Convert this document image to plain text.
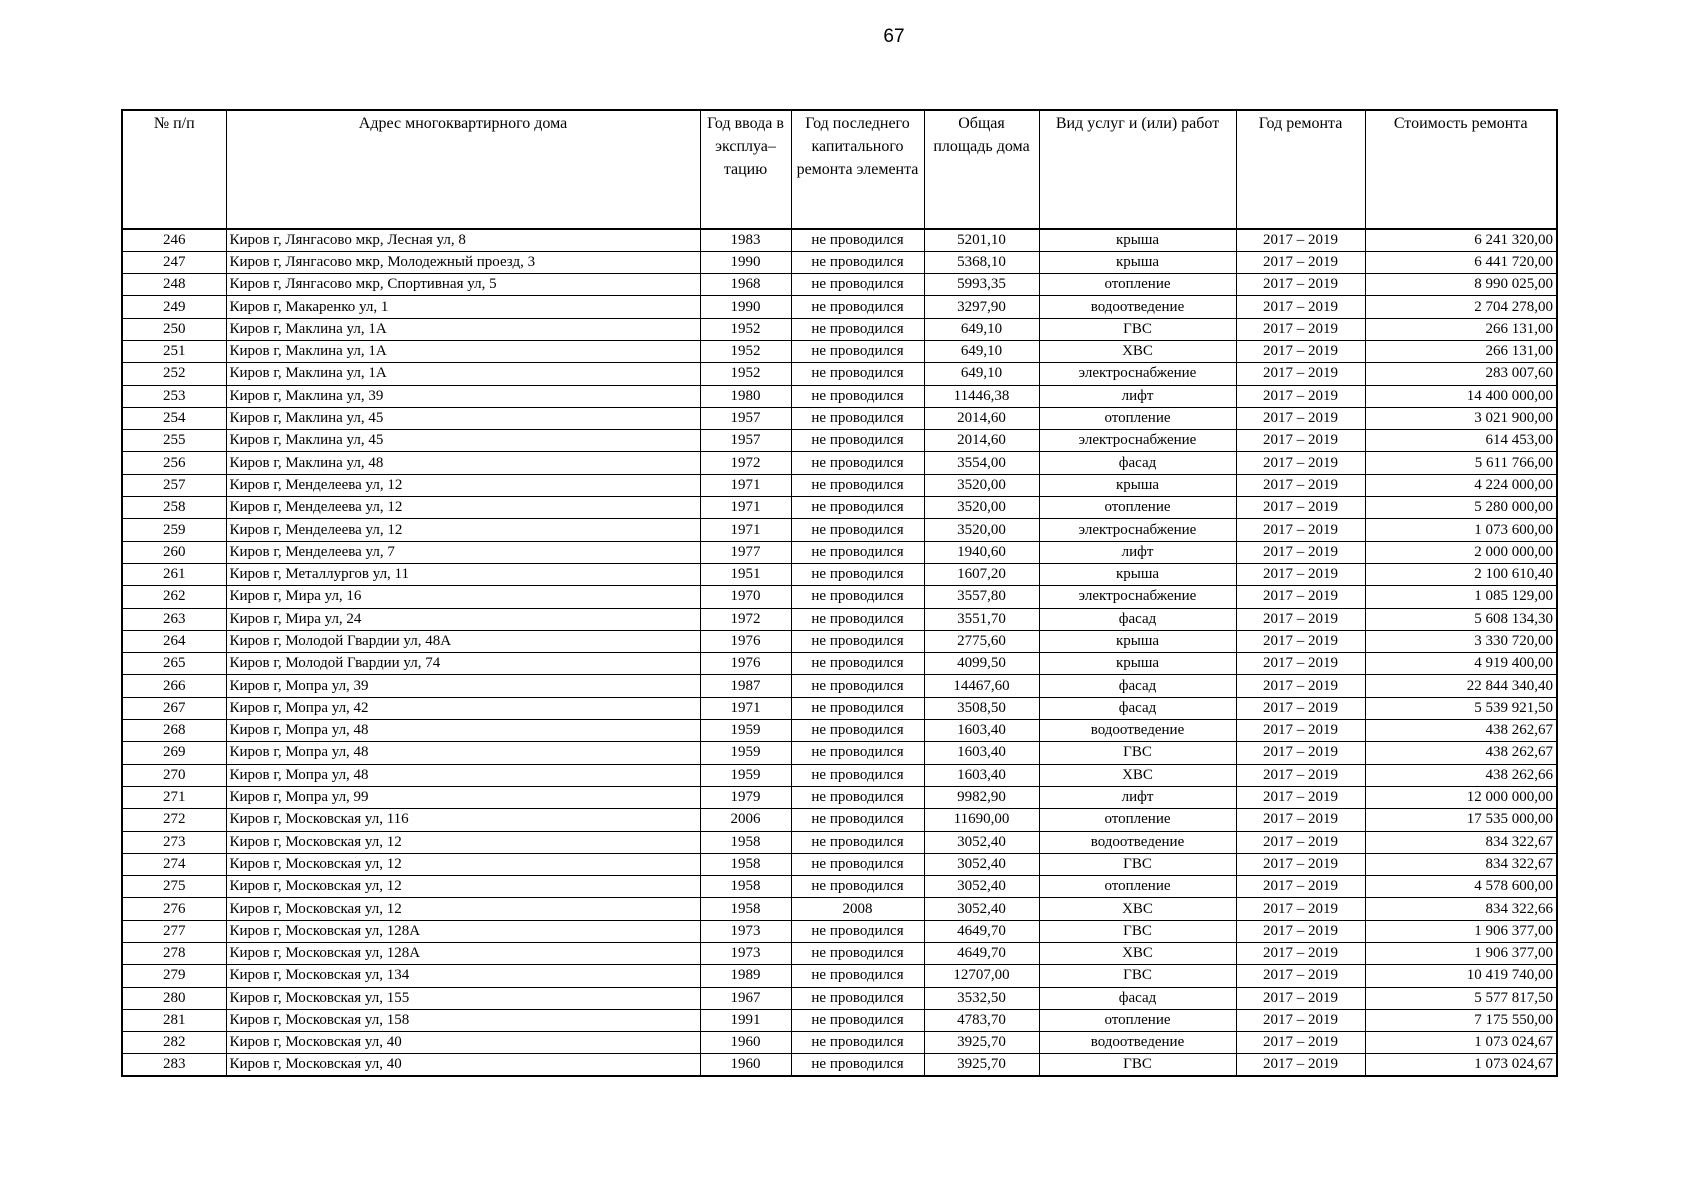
67
№ п/п	Адрес многоквартирного дома	Год ввода в эксплуа–тацию	Год последнего капитального ремонта элемента	Общая площадь дома	Вид услуг и (или) работ	Год ремонта	Стоимость ремонта
246	Киров г, Лянгасово мкр, Лесная ул, 8	1983	не проводился	5201,10	крыша	2017 – 2019	6 241 320,00
247	Киров г, Лянгасово мкр, Молодежный проезд, 3	1990	не проводился	5368,10	крыша	2017 – 2019	6 441 720,00
248	Киров г, Лянгасово мкр, Спортивная ул, 5	1968	не проводился	5993,35	отопление	2017 – 2019	8 990 025,00
249	Киров г, Макаренко ул, 1	1990	не проводился	3297,90	водоотведение	2017 – 2019	2 704 278,00
250	Киров г, Маклина ул, 1А	1952	не проводился	649,10	ГВС	2017 – 2019	266 131,00
251	Киров г, Маклина ул, 1А	1952	не проводился	649,10	ХВС	2017 – 2019	266 131,00
252	Киров г, Маклина ул, 1А	1952	не проводился	649,10	электроснабжение	2017 – 2019	283 007,60
253	Киров г, Маклина ул, 39	1980	не проводился	11446,38	лифт	2017 – 2019	14 400 000,00
254	Киров г, Маклина ул, 45	1957	не проводился	2014,60	отопление	2017 – 2019	3 021 900,00
255	Киров г, Маклина ул, 45	1957	не проводился	2014,60	электроснабжение	2017 – 2019	614 453,00
256	Киров г, Маклина ул, 48	1972	не проводился	3554,00	фасад	2017 – 2019	5 611 766,00
257	Киров г, Менделеева ул, 12	1971	не проводился	3520,00	крыша	2017 – 2019	4 224 000,00
258	Киров г, Менделеева ул, 12	1971	не проводился	3520,00	отопление	2017 – 2019	5 280 000,00
259	Киров г, Менделеева ул, 12	1971	не проводился	3520,00	электроснабжение	2017 – 2019	1 073 600,00
260	Киров г, Менделеева ул, 7	1977	не проводился	1940,60	лифт	2017 – 2019	2 000 000,00
261	Киров г, Металлургов ул, 11	1951	не проводился	1607,20	крыша	2017 – 2019	2 100 610,40
262	Киров г, Мира ул, 16	1970	не проводился	3557,80	электроснабжение	2017 – 2019	1 085 129,00
263	Киров г, Мира ул, 24	1972	не проводился	3551,70	фасад	2017 – 2019	5 608 134,30
264	Киров г, Молодой Гвардии ул, 48А	1976	не проводился	2775,60	крыша	2017 – 2019	3 330 720,00
265	Киров г, Молодой Гвардии ул, 74	1976	не проводился	4099,50	крыша	2017 – 2019	4 919 400,00
266	Киров г, Мопра ул, 39	1987	не проводился	14467,60	фасад	2017 – 2019	22 844 340,40
267	Киров г, Мопра ул, 42	1971	не проводился	3508,50	фасад	2017 – 2019	5 539 921,50
268	Киров г, Мопра ул, 48	1959	не проводился	1603,40	водоотведение	2017 – 2019	438 262,67
269	Киров г, Мопра ул, 48	1959	не проводился	1603,40	ГВС	2017 – 2019	438 262,67
270	Киров г, Мопра ул, 48	1959	не проводился	1603,40	ХВС	2017 – 2019	438 262,66
271	Киров г, Мопра ул, 99	1979	не проводился	9982,90	лифт	2017 – 2019	12 000 000,00
272	Киров г, Московская ул, 116	2006	не проводился	11690,00	отопление	2017 – 2019	17 535 000,00
273	Киров г, Московская ул, 12	1958	не проводился	3052,40	водоотведение	2017 – 2019	834 322,67
274	Киров г, Московская ул, 12	1958	не проводился	3052,40	ГВС	2017 – 2019	834 322,67
275	Киров г, Московская ул, 12	1958	не проводился	3052,40	отопление	2017 – 2019	4 578 600,00
276	Киров г, Московская ул, 12	1958	2008	3052,40	ХВС	2017 – 2019	834 322,66
277	Киров г, Московская ул, 128А	1973	не проводился	4649,70	ГВС	2017 – 2019	1 906 377,00
278	Киров г, Московская ул, 128А	1973	не проводился	4649,70	ХВС	2017 – 2019	1 906 377,00
279	Киров г, Московская ул, 134	1989	не проводился	12707,00	ГВС	2017 – 2019	10 419 740,00
280	Киров г, Московская ул, 155	1967	не проводился	3532,50	фасад	2017 – 2019	5 577 817,50
281	Киров г, Московская ул, 158	1991	не проводился	4783,70	отопление	2017 – 2019	7 175 550,00
282	Киров г, Московская ул, 40	1960	не проводился	3925,70	водоотведение	2017 – 2019	1 073 024,67
283	Киров г, Московская ул, 40	1960	не проводился	3925,70	ГВС	2017 – 2019	1 073 024,67
